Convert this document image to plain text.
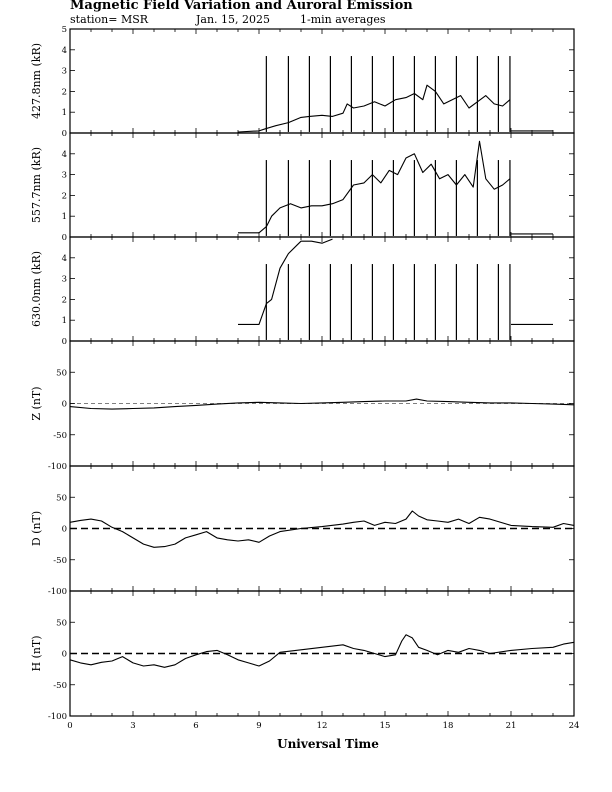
Magnetic Field Variation and Auroral Emission
station= MSR	Jan. 15, 2025	1-min averages
0
1
2
3
4
5
427.8nm (kR)
0
1
2
3
4
557.7nm (kR)
0
1
2
3
4
630.0nm (kR)
-100
-50
0
50
Z (nT)
-100
-50
0
50
D (nT)
-100
-50
0
50
H (nT)
0	3	6	9	12	15	18	21	24
Universal Time
